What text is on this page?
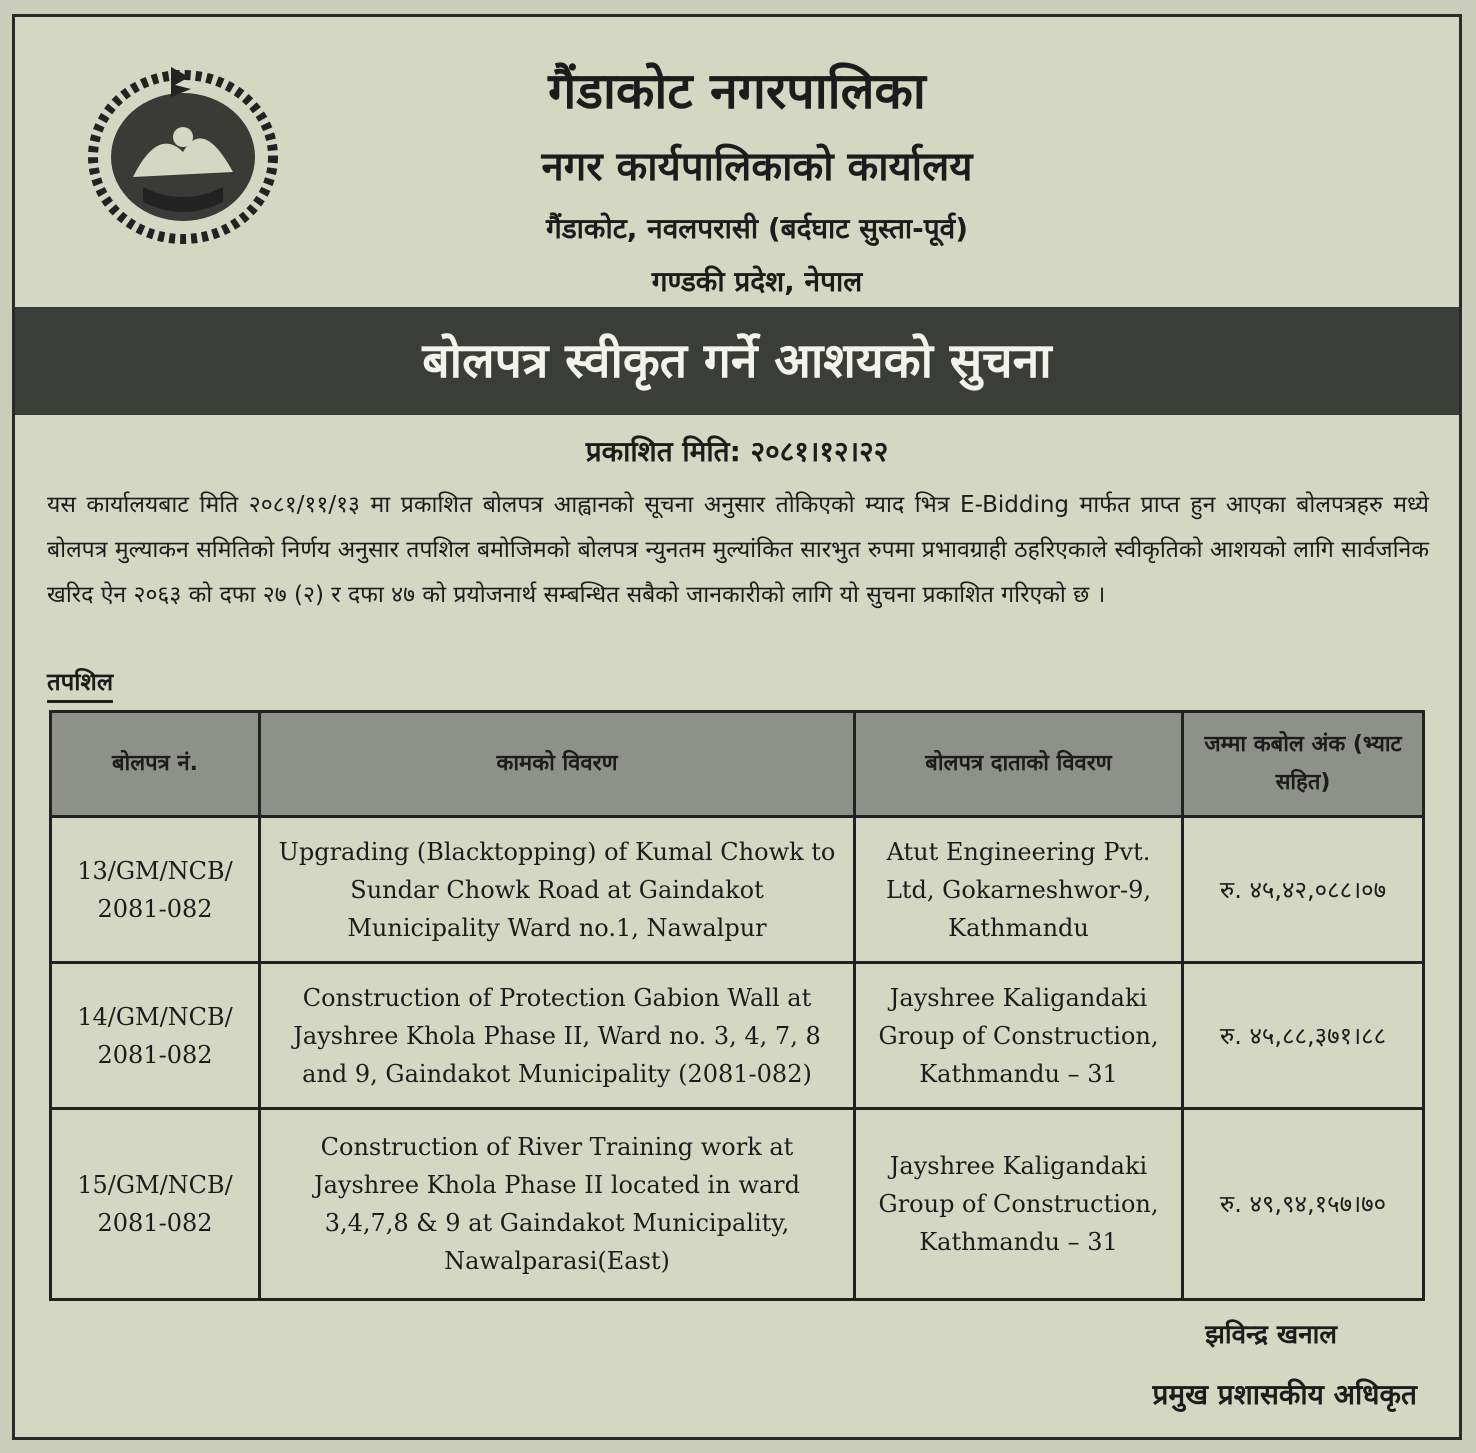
गैंडाकोट नगरपालिका
नगर कार्यपालिकाको कार्यालय
गैंडाकोट, नवलपरासी (बर्दघाट सुस्ता-पूर्व)
गण्डकी प्रदेश, नेपाल
बोलपत्र स्वीकृत गर्ने आशयको सुचना
प्रकाशित मिति: २०८१।१२।२२
यस कार्यालयबाट मिति २०८१/११/१३ मा प्रकाशित बोलपत्र आह्वानको सूचना अनुसार तोकिएको म्याद भित्र E-Bidding मार्फत प्राप्त हुन आएका बोलपत्रहरु मध्ये बोलपत्र मुल्याकन समितिको निर्णय अनुसार तपशिल बमोजिमको बोलपत्र न्युनतम मुल्यांकित सारभुत रुपमा प्रभावग्राही ठहरिएकाले स्वीकृतिको आशयको लागि सार्वजनिक खरिद ऐन २०६३ को दफा २७ (२) र दफा ४७ को प्रयोजनार्थ सम्बन्धित सबैको जानकारीको लागि यो सुचना प्रकाशित गरिएको छ ।
तपशिल
बोलपत्र नं.	कामको विवरण	बोलपत्र दाताको विवरण	जम्मा कबोल अंक (भ्याट सहित)
13/GM/NCB/ 2081-082	Upgrading (Blacktopping) of Kumal Chowk to Sundar Chowk Road at Gaindakot Municipality Ward no.1, Nawalpur	Atut Engineering Pvt. Ltd, Gokarneshwor-9, Kathmandu	रु. ४५,४२,०८८।०७
14/GM/NCB/ 2081-082	Construction of Protection Gabion Wall at Jayshree Khola Phase II, Ward no. 3, 4, 7, 8 and 9, Gaindakot Municipality (2081-082)	Jayshree Kaligandaki Group of Construction, Kathmandu – 31	रु. ४५,८८,३७१।८८
15/GM/NCB/ 2081-082	Construction of River Training work at Jayshree Khola Phase II located in ward 3,4,7,8 & 9 at Gaindakot Municipality, Nawalparasi(East)	Jayshree Kaligandaki Group of Construction, Kathmandu – 31	रु. ४९,९४,१५७।७०
झविन्द्र खनाल
प्रमुख प्रशासकीय अधिकृत
